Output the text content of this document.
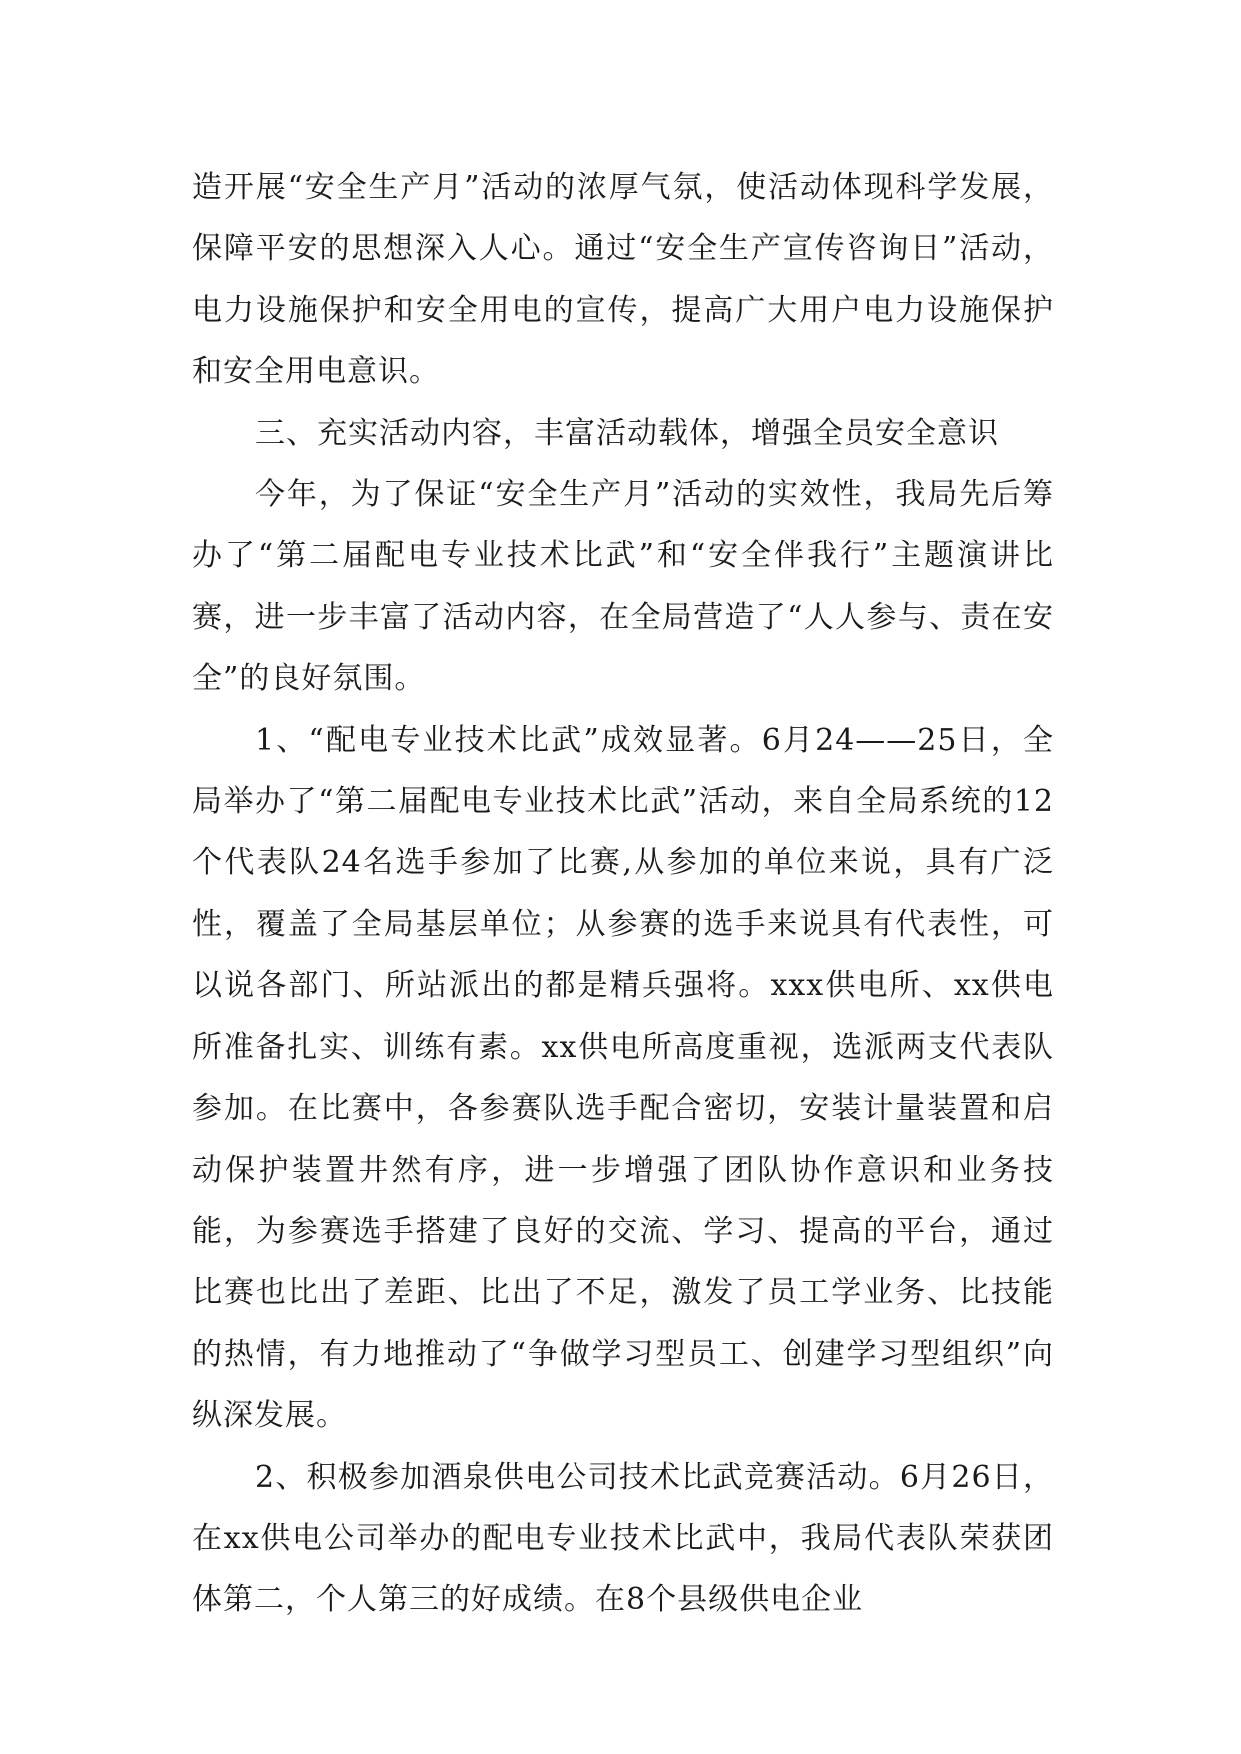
造开展“安全生产月”活动的浓厚气氛，使活动体现科学发展，保障平安的思想深入人心。通过“安全生产宣传咨询日”活动，电力设施保护和安全用电的宣传，提高广大用户电力设施保护和安全用电意识。

三、充实活动内容，丰富活动载体，增强全员安全意识

今年，为了保证“安全生产月”活动的实效性，我局先后筹办了“第二届配电专业技术比武”和“安全伴我行”主题演讲比赛，进一步丰富了活动内容，在全局营造了“人人参与、责在安全”的良好氛围。

1、“配电专业技术比武”成效显著。6月24——25日，全局举办了“第二届配电专业技术比武”活动，来自全局系统的12个代表队24名选手参加了比赛,从参加的单位来说，具有广泛性，覆盖了全局基层单位；从参赛的选手来说具有代表性，可以说各部门、所站派出的都是精兵强将。xxx供电所、xx供电所准备扎实、训练有素。xx供电所高度重视，选派两支代表队参加。在比赛中，各参赛队选手配合密切，安装计量装置和启动保护装置井然有序，进一步增强了团队协作意识和业务技能，为参赛选手搭建了良好的交流、学习、提高的平台，通过比赛也比出了差距、比出了不足，激发了员工学业务、比技能的热情，有力地推动了“争做学习型员工、创建学习型组织”向纵深发展。

2、积极参加酒泉供电公司技术比武竞赛活动。6月26日，在xx供电公司举办的配电专业技术比武中，我局代表队荣获团体第二，个人第三的好成绩。在8个县级供电企业
